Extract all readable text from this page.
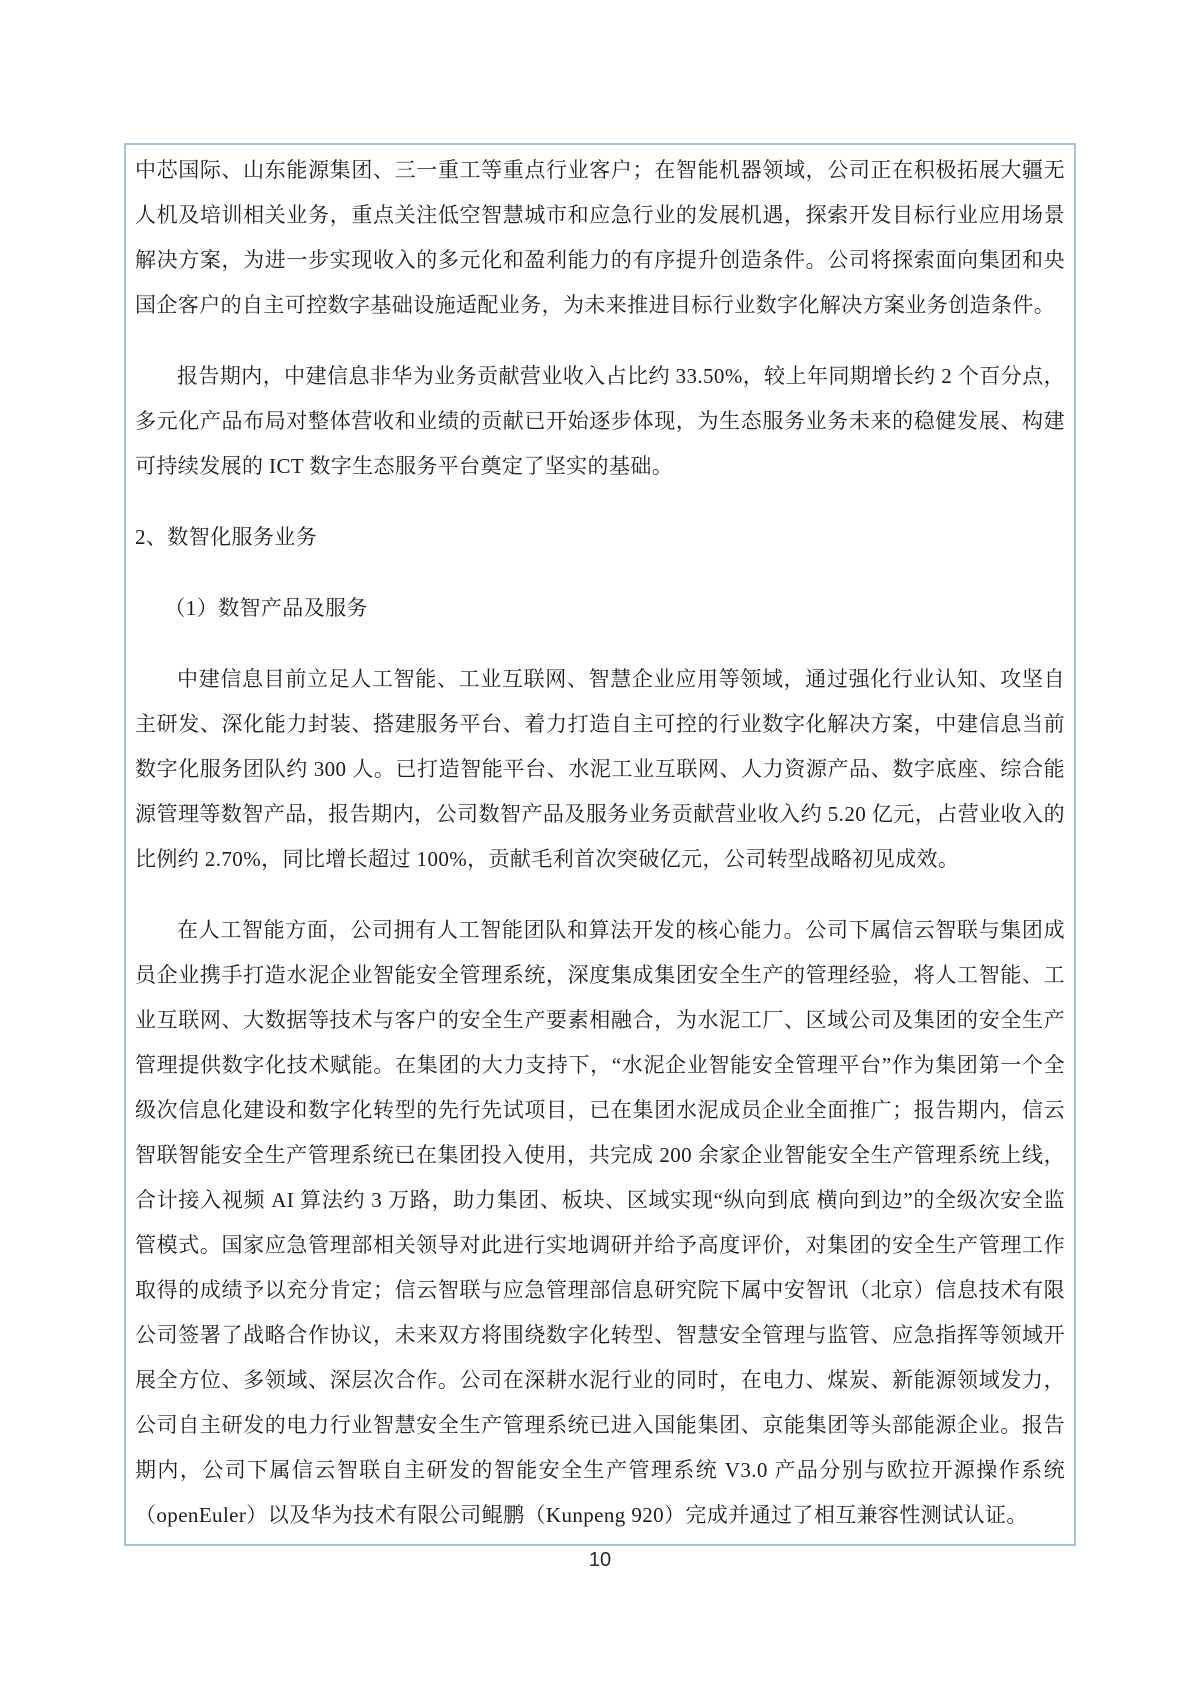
中芯国际、山东能源集团、三一重工等重点行业客户；在智能机器领域，公司正在积极拓展大疆无人机及培训相关业务，重点关注低空智慧城市和应急行业的发展机遇，探索开发目标行业应用场景解决方案，为进一步实现收入的多元化和盈利能力的有序提升创造条件。公司将探索面向集团和央国企客户的自主可控数字基础设施适配业务，为未来推进目标行业数字化解决方案业务创造条件。

报告期内，中建信息非华为业务贡献营业收入占比约 33.50%，较上年同期增长约 2 个百分点，多元化产品布局对整体营收和业绩的贡献已开始逐步体现，为生态服务业务未来的稳健发展、构建可持续发展的 ICT 数字生态服务平台奠定了坚实的基础。

2、数智化服务业务

（1）数智产品及服务

中建信息目前立足人工智能、工业互联网、智慧企业应用等领域，通过强化行业认知、攻坚自主研发、深化能力封装、搭建服务平台、着力打造自主可控的行业数字化解决方案，中建信息当前数字化服务团队约 300 人。已打造智能平台、水泥工业互联网、人力资源产品、数字底座、综合能源管理等数智产品，报告期内，公司数智产品及服务业务贡献营业收入约 5.20 亿元，占营业收入的比例约 2.70%，同比增长超过 100%，贡献毛利首次突破亿元，公司转型战略初见成效。

在人工智能方面，公司拥有人工智能团队和算法开发的核心能力。公司下属信云智联与集团成员企业携手打造水泥企业智能安全管理系统，深度集成集团安全生产的管理经验，将人工智能、工业互联网、大数据等技术与客户的安全生产要素相融合，为水泥工厂、区域公司及集团的安全生产管理提供数字化技术赋能。在集团的大力支持下，“水泥企业智能安全管理平台”作为集团第一个全级次信息化建设和数字化转型的先行先试项目，已在集团水泥成员企业全面推广；报告期内，信云智联智能安全生产管理系统已在集团投入使用，共完成 200 余家企业智能安全生产管理系统上线，合计接入视频 AI 算法约 3 万路，助力集团、板块、区域实现“纵向到底 横向到边”的全级次安全监管模式。国家应急管理部相关领导对此进行实地调研并给予高度评价，对集团的安全生产管理工作取得的成绩予以充分肯定；信云智联与应急管理部信息研究院下属中安智讯（北京）信息技术有限公司签署了战略合作协议，未来双方将围绕数字化转型、智慧安全管理与监管、应急指挥等领域开展全方位、多领域、深层次合作。公司在深耕水泥行业的同时，在电力、煤炭、新能源领域发力，公司自主研发的电力行业智慧安全生产管理系统已进入国能集团、京能集团等头部能源企业。报告期内，公司下属信云智联自主研发的智能安全生产管理系统 V3.0 产品分别与欧拉开源操作系统（openEuler）以及华为技术有限公司鲲鹏（Kunpeng 920）完成并通过了相互兼容性测试认证。

10
